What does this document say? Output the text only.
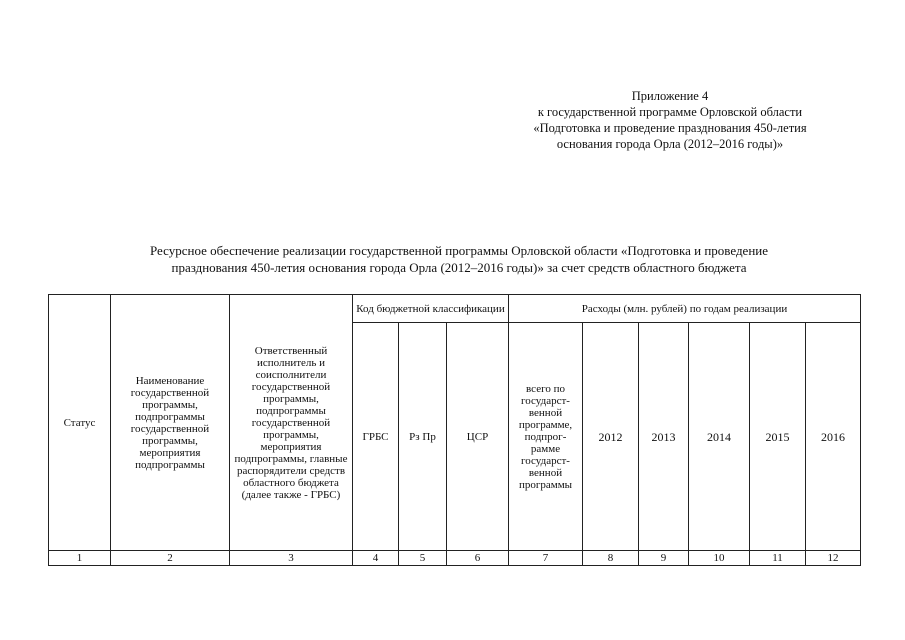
Приложение 4
к государственной программе Орловской области
«Подготовка и проведение празднования 450-летия
основания города Орла (2012–2016 годы)»
Ресурсное обеспечение реализации государственной программы Орловской области «Подготовка и проведение
празднования 450-летия основания города Орла (2012–2016 годы)» за счет средств областного бюджета
Статус	Наименование государственной программы, подпрограммы государственной программы, мероприятия подпрограммы	Ответственный исполнитель и соисполнители государственной программы, подпрограммы государственной программы, мероприятия подпрограммы, главные распорядители средств областного бюджета (далее также - ГРБС)	Код бюджетной классификации			Расходы (млн. рублей) по годам реализации					
			ГРБС	Рз Пр	ЦСР	всего по государст-венной программе, подпрог-рамме государст-венной программы	2012	2013	2014	2015	2016
1	2	3	4	5	6	7	8	9	10	11	12
